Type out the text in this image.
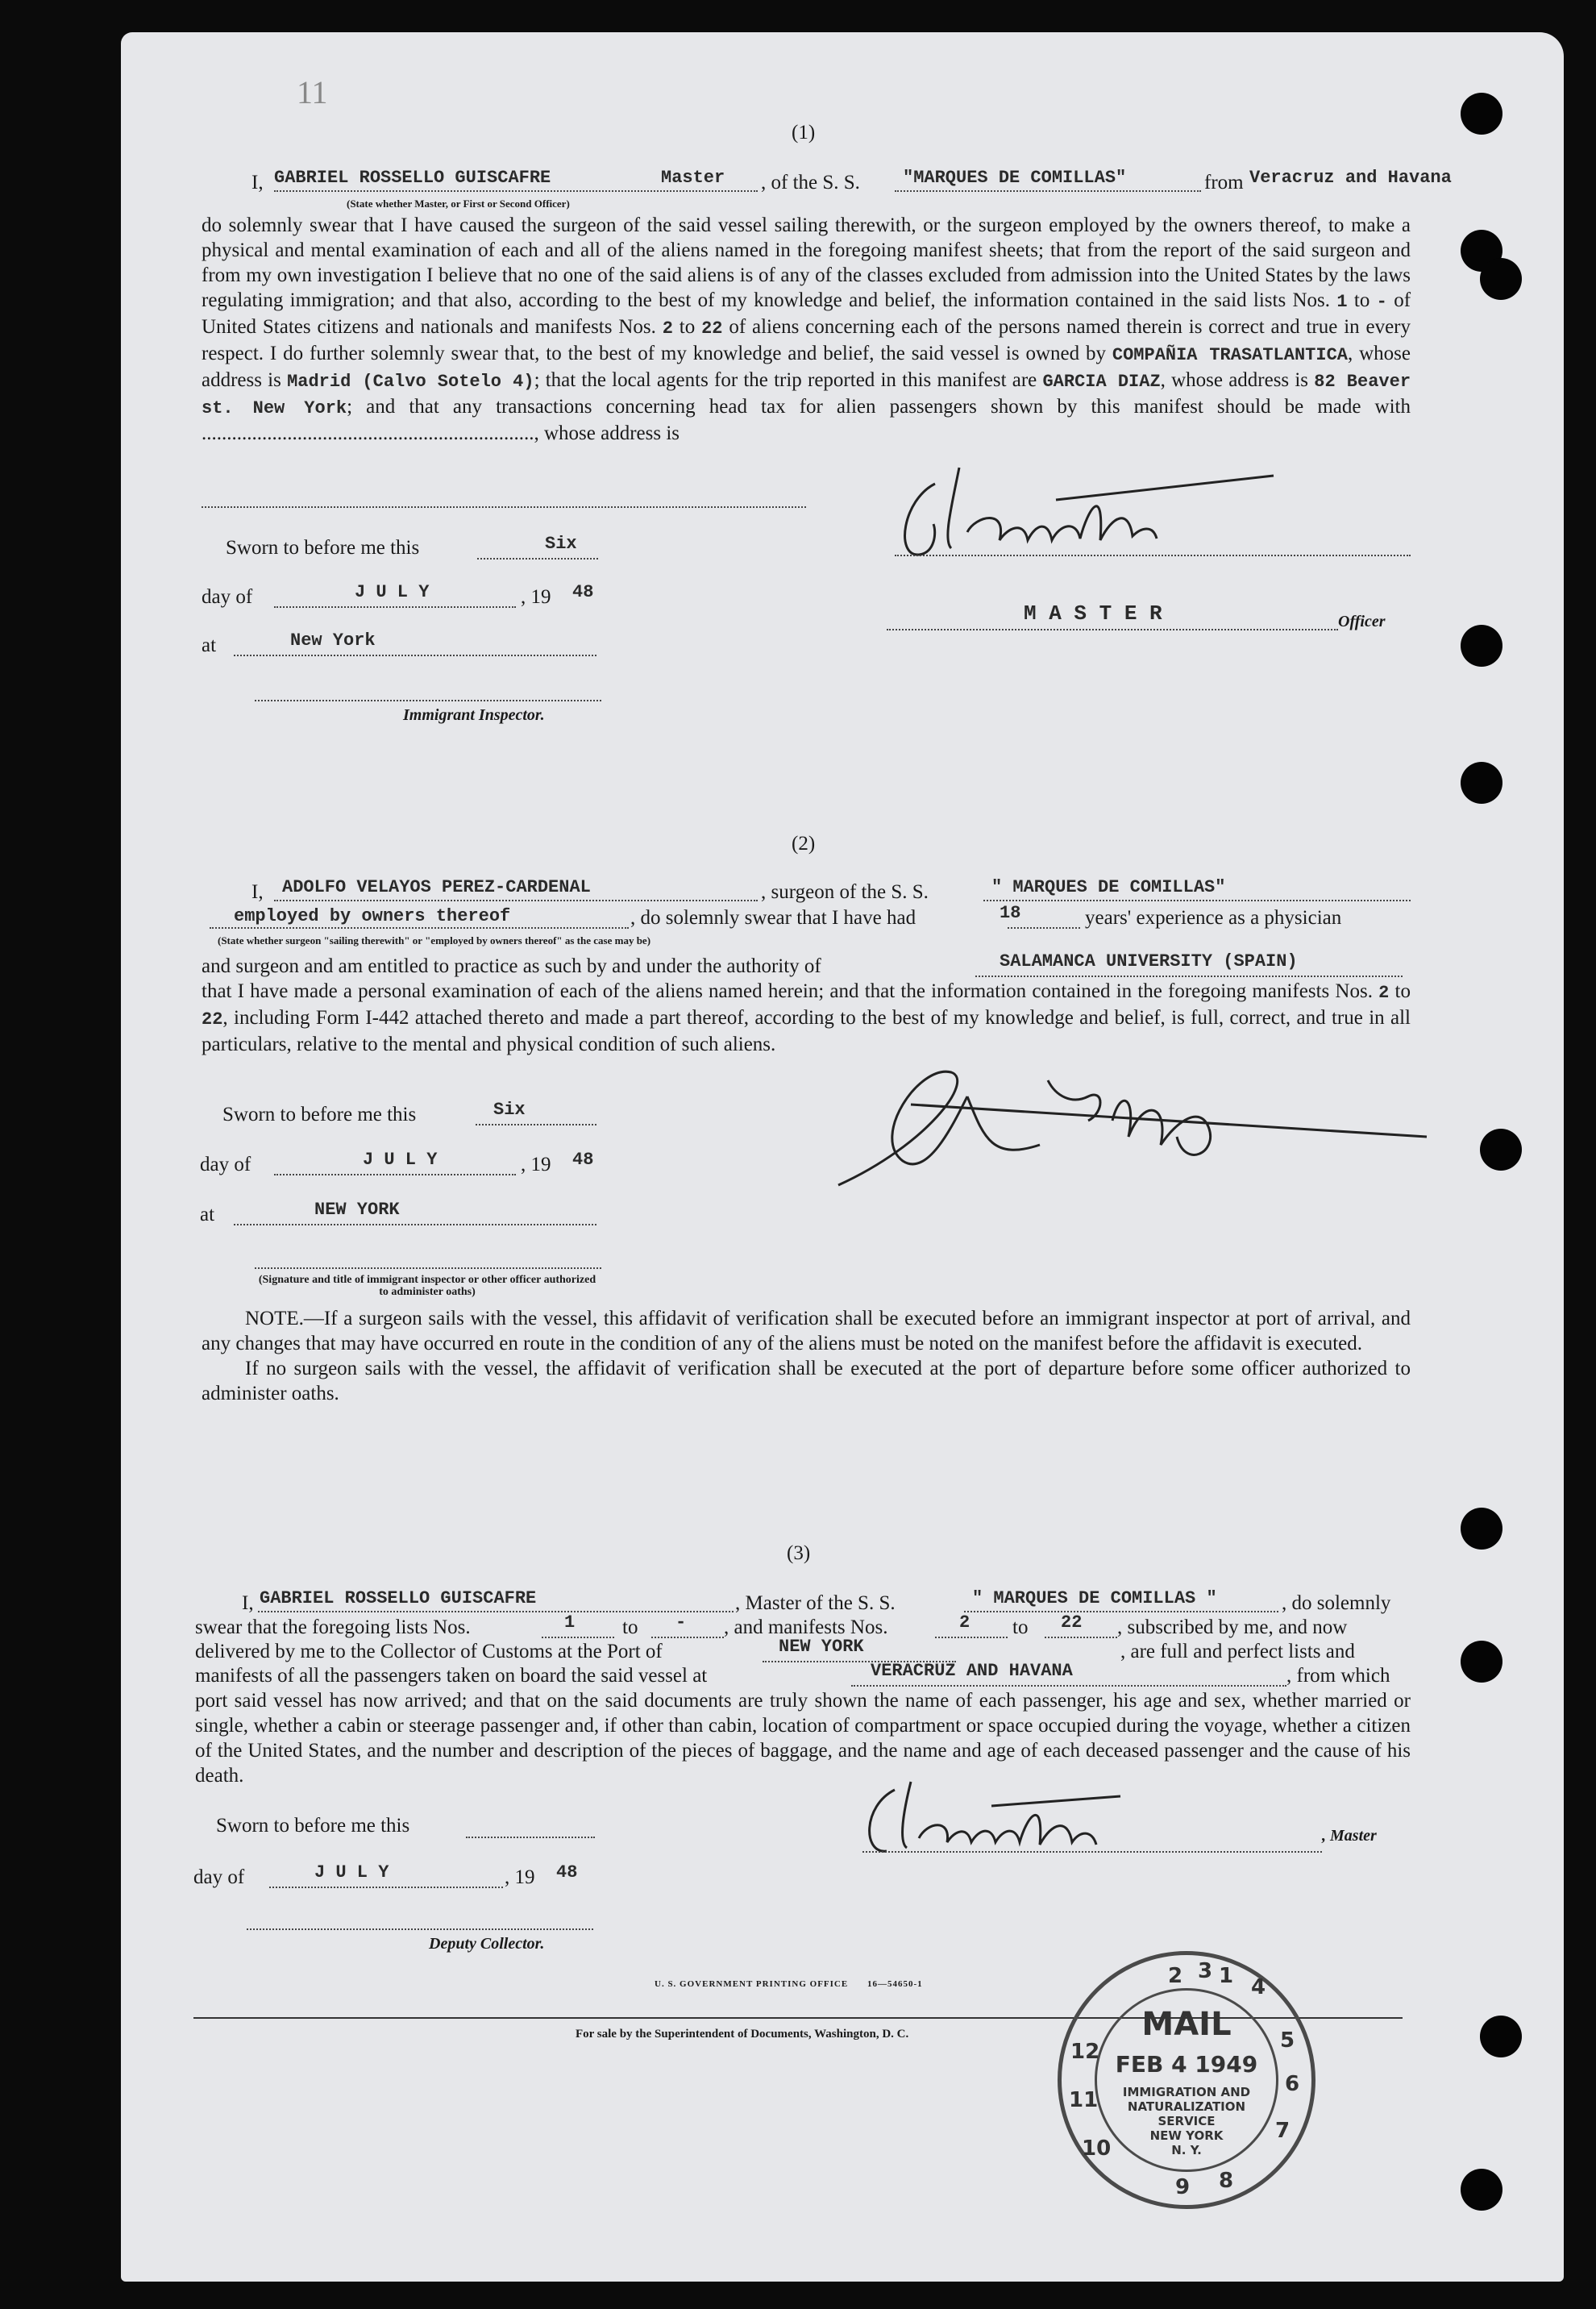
11
(1)
I, GABRIEL ROSSELLO GUISCAFRE	Master , of the S. S. "MARQUES DE COMILLAS"	from Veracruz and Havana
(State whether Master, or First or Second Officer)

do solemnly swear that I have caused the surgeon of the said vessel sailing therewith, or the surgeon employed by the owners thereof, to make a physical and mental examination of each and all of the aliens named in the foregoing manifest sheets; that from the report of the said surgeon and from my own investigation I believe that no one of the said aliens is of any of the classes excluded from admission into the United States by the laws regulating immigration; and that also, according to the best of my knowledge and belief, the information contained in the said lists Nos. 1 to - of United States citizens and nationals and manifests Nos. 2 to 22 of aliens concerning each of the persons named therein is correct and true in every respect. I do further solemnly swear that, to the best of my knowledge and belief, the said vessel is owned by COMPAÑIA TRASATLANTICA, whose address is Madrid (Calvo Sotelo 4); that the local agents for the trip reported in this manifest are GARCIA DIAZ, whose address is 82 Beaver st. New York; and that any transactions concerning head tax for alien passengers shown by this manifest should be made with .................................................................., whose address is

Sworn to before me this	Six
day of	J U L Y	, 19 48
M A S T E R	Officer
at	New York
Immigrant Inspector.
(2)
I, ADOLFO VELAYOS PEREZ-CARDENAL	, surgeon of the S. S.	" MARQUES DE COMILLAS"
employed by owners thereof	, do solemnly swear that I have had	18	years' experience as a physician
(State whether surgeon "sailing therewith" or "employed by owners thereof" as the case may be)
and surgeon and am entitled to practice as such by and under the authority of	SALAMANCA UNIVERSITY (SPAIN)

that I have made a personal examination of each of the aliens named herein; and that the information contained in the foregoing manifests Nos. 2 to 22, including Form I-442 attached thereto and made a part thereof, according to the best of my knowledge and belief, is full, correct, and true in all particulars, relative to the mental and physical condition of such aliens.

Sworn to before me this	Six
day of	J U L Y	, 19 48
at	NEW YORK
(Signature and title of immigrant inspector or other officer authorized to administer oaths)

NOTE.—If a surgeon sails with the vessel, this affidavit of verification shall be executed before an immigrant inspector at port of arrival, and any changes that may have occurred en route in the condition of any of the aliens must be noted on the manifest before the affidavit is executed.

If no surgeon sails with the vessel, the affidavit of verification shall be executed at the port of departure before some officer authorized to administer oaths.

(3)
I, GABRIEL ROSSELLO GUISCAFRE	, Master of the S. S.	" MARQUES DE COMILLAS "	, do solemnly
swear that the foregoing lists Nos.	1 to - , and manifests Nos.	2 to 22 , subscribed by me, and now
delivered by me to the Collector of Customs at the Port of	NEW YORK	, are full and perfect lists and
manifests of all the passengers taken on board the said vessel at	VERACRUZ AND HAVANA	, from which

port said vessel has now arrived; and that on the said documents are truly shown the name of each passenger, his age and sex, whether married or single, whether a cabin or steerage passenger and, if other than cabin, location of compartment or space occupied during the voyage, whether a citizen of the United States, and the number and description of the pieces of baggage, and the name and age of each deceased passenger and the cause of his death.

, Master
Sworn to before me this
day of	J U L Y	, 19 48
Deputy Collector.
U. S. GOVERNMENT PRINTING OFFICE 16—54650-1
For sale by the Superintendent of Documents, Washington, D. C.
1
2 3
4
5
6
7
8
9
10
11
12
MAIL
FEB 4 1949
IMMIGRATION AND
NATURALIZATION
SERVICE
NEW YORK
N. Y.
